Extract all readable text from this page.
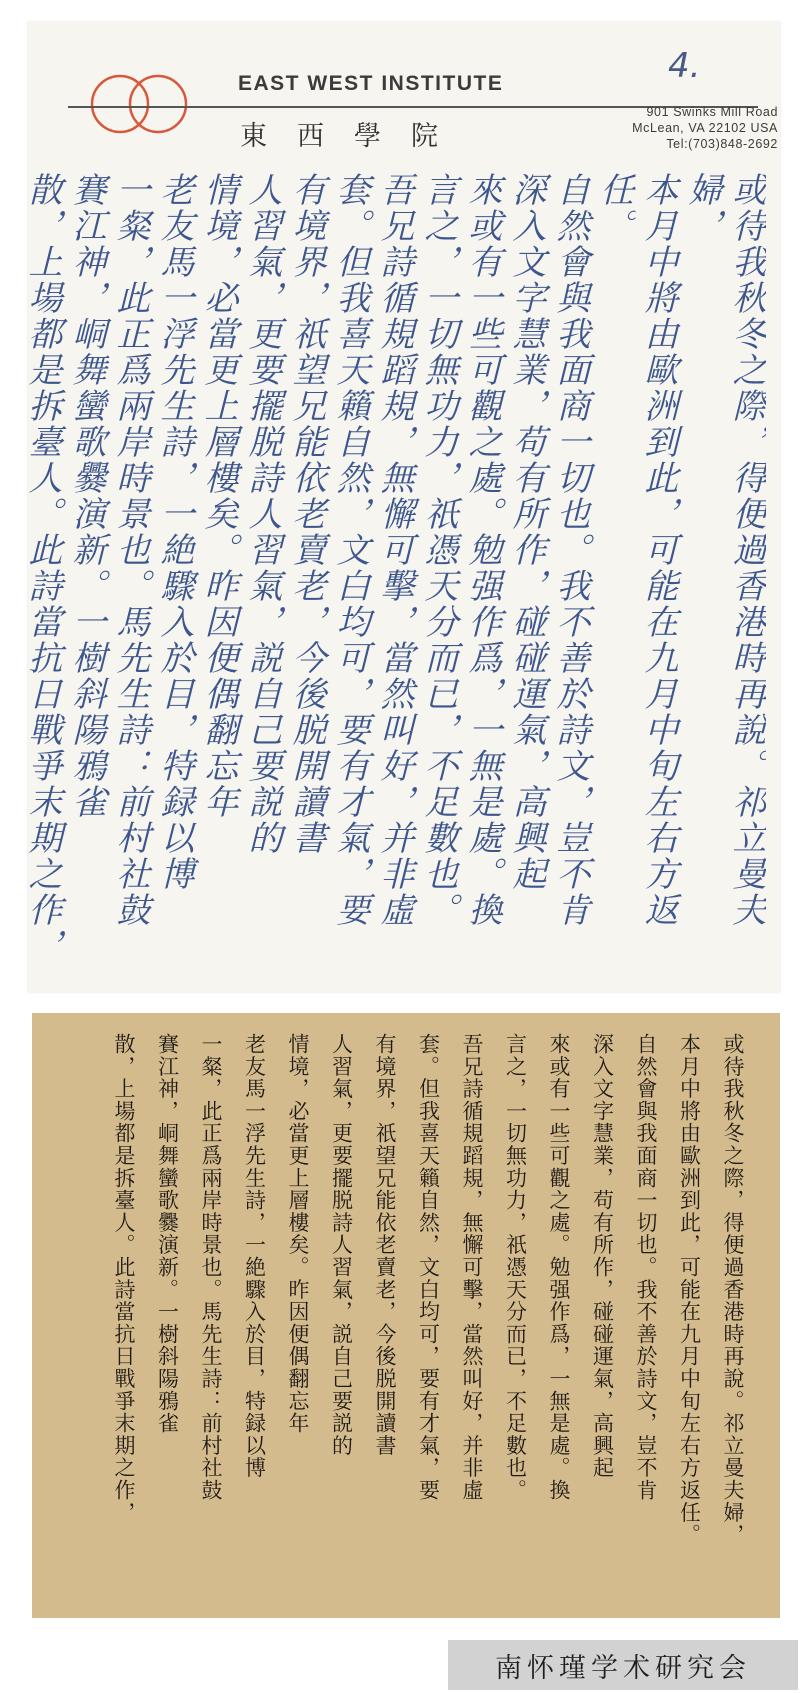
EAST WEST INSTITUTE
東西學院
901 Swinks Mill Road
McLean, VA 22102 USA
Tel:(703)848-2692
4.
或待我秋冬之際，得便過香港時再說。祁立曼夫婦，
本月中將由歐洲到此，可能在九月中旬左右方返任。
自然會與我面商一切也。我不善於詩文，豈不肯
深入文字慧業，苟有所作，碰碰運氣，高興起
來或有一些可觀之處。勉强作爲，一無是處。換
言之，一切無功力，祇憑天分而已，不足數也。
吾兄詩循規蹈規，無懈可擊，當然叫好，并非虛
套。但我喜天籟自然，文白均可，要有才氣，要
有境界，祇望兄能依老賣老，今後脱開讀書
人習氣，更要擺脱詩人習氣，説自己要説的
情境，必當更上層樓矣。昨因便偶翻忘年
老友馬一浮先生詩，一絶驟入於目，特録以博
一粲，此正爲兩岸時景也。馬先生詩：前村社鼓
賽江神，峒舞蠻歌爨演新。一樹斜陽鴉雀
散，上場都是拆臺人。此詩當抗日戰爭末期之作，
或待我秋冬之際，得便過香港時再說。祁立曼夫婦，
本月中將由歐洲到此，可能在九月中旬左右方返任。
自然會與我面商一切也。我不善於詩文，豈不肯
深入文字慧業，苟有所作，碰碰運氣，高興起
來或有一些可觀之處。勉强作爲，一無是處。換
言之，一切無功力，祇憑天分而已，不足數也。
吾兄詩循規蹈規，無懈可擊，當然叫好，并非虛
套。但我喜天籟自然，文白均可，要有才氣，要
有境界，祇望兄能依老賣老，今後脱開讀書
人習氣，更要擺脱詩人習氣，説自己要説的
情境，必當更上層樓矣。昨因便偶翻忘年
老友馬一浮先生詩，一絶驟入於目，特録以博
一粲，此正爲兩岸時景也。馬先生詩：前村社鼓
賽江神，峒舞蠻歌爨演新。一樹斜陽鴉雀
散，上場都是拆臺人。此詩當抗日戰爭末期之作，
南怀瑾学术研究会
